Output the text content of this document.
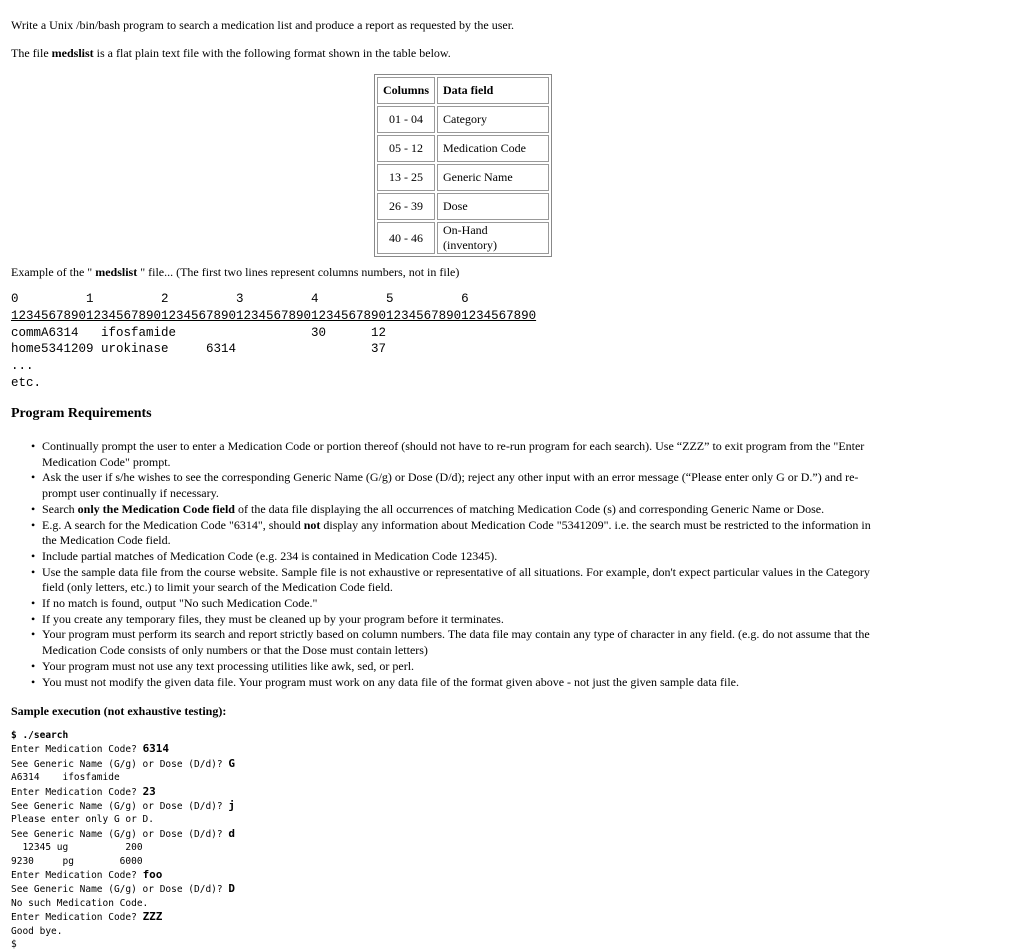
Write a Unix /bin/bash program to search a medication list and produce a report as requested by the user.

The file medslist is a flat plain text file with the following format shown in the table below.

Columns	Data field
01 - 04	Category
05 - 12	Medication Code
13 - 25	Generic Name
26 - 39	Dose
40 - 46	On-Hand (inventory)

Example of the " medslist " file... (The first two lines represent columns numbers, not in file)

0         1         2         3         4         5         6
1234567890123456789012345678901234567890123456789012345678901234567890
commA6314   ifosfamide                  30      12
home5341209 urokinase     6314                  37
...
etc.
Program Requirements
• Continually prompt the user to enter a Medication Code or portion thereof (should not have to re-run program for each search). Use “ZZZ” to exit program from the "Enter
Medication Code" prompt.
• Ask the user if s/he wishes to see the corresponding Generic Name (G/g) or Dose (D/d); reject any other input with an error message (“Please enter only G or D.”) and re-
prompt user continually if necessary.
• Search only the Medication Code field of the data file displaying the all occurrences of matching Medication Code (s) and corresponding Generic Name or Dose.
• E.g. A search for the Medication Code "6314", should not display any information about Medication Code "5341209". i.e. the search must be restricted to the information in
the Medication Code field.
• Include partial matches of Medication Code (e.g. 234 is contained in Medication Code 12345).
• Use the sample data file from the course website. Sample file is not exhaustive or representative of all situations. For example, don't expect particular values in the Category
field (only letters, etc.) to limit your search of the Medication Code field.
• If no match is found, output "No such Medication Code."
• If you create any temporary files, they must be cleaned up by your program before it terminates.
• Your program must perform its search and report strictly based on column numbers. The data file may contain any type of character in any field. (e.g. do not assume that the
Medication Code consists of only numbers or that the Dose must contain letters)
• Your program must not use any text processing utilities like awk, sed, or perl.
• You must not modify the given data file. Your program must work on any data file of the format given above - not just the given sample data file.

Sample execution (not exhaustive testing):

$ ./search
Enter Medication Code? 6314
See Generic Name (G/g) or Dose (D/d)? G
A6314    ifosfamide
Enter Medication Code? 23
See Generic Name (G/g) or Dose (D/d)? j
Please enter only G or D.
See Generic Name (G/g) or Dose (D/d)? d
12345 ug          200
9230     pg        6000
Enter Medication Code? foo
See Generic Name (G/g) or Dose (D/d)? D
No such Medication Code.
Enter Medication Code? ZZZ
Good bye.
$
